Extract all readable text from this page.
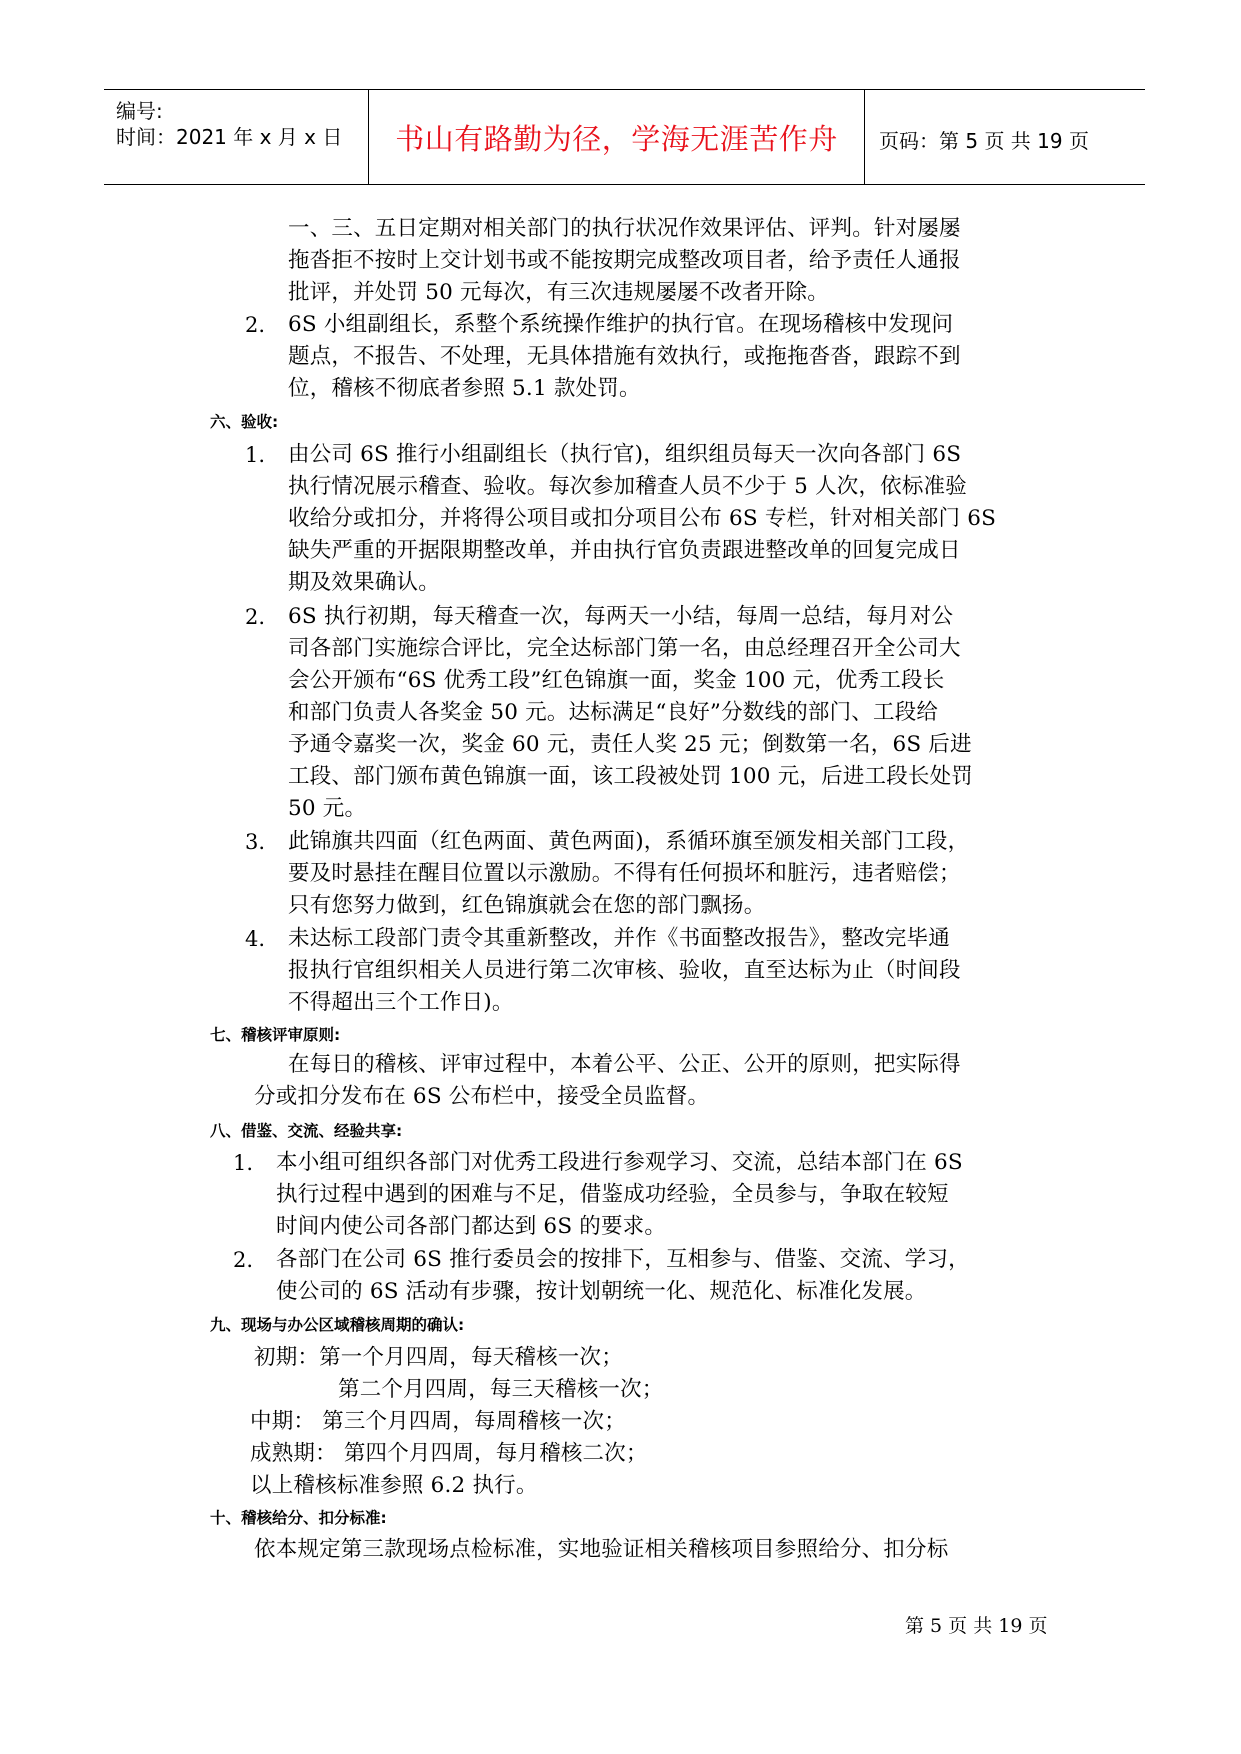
编号:
时间：2021 年 x 月 x 日	书山有路勤为径，学海无涯苦作舟	页码：第 5 页 共 19 页
一、三、五日定期对相关部门的执行状况作效果评估、评判。针对屡屡
拖沓拒不按时上交计划书或不能按期完成整改项目者，给予责任人通报
批评，并处罚 50 元每次，有三次违规屡屡不改者开除。
2. 6S 小组副组长，系整个系统操作维护的执行官。在现场稽核中发现问
题点，不报告、不处理，无具体措施有效执行，或拖拖沓沓，跟踪不到
位，稽核不彻底者参照 5.1 款处罚。
六、验收:
1. 由公司 6S 推行小组副组长（执行官)，组织组员每天一次向各部门 6S
执行情况展示稽查、验收。每次参加稽查人员不少于 5 人次，依标准验
收给分或扣分，并将得公项目或扣分项目公布 6S 专栏，针对相关部门 6S
缺失严重的开据限期整改单，并由执行官负责跟进整改单的回复完成日
期及效果确认。
2. 6S 执行初期，每天稽查一次，每两天一小结，每周一总结，每月对公
司各部门实施综合评比，完全达标部门第一名，由总经理召开全公司大
会公开颁布“6S 优秀工段”红色锦旗一面，奖金 100 元，优秀工段长
和部门负责人各奖金 50 元。达标满足“良好”分数线的部门、工段给
予通令嘉奖一次，奖金 60 元，责任人奖 25 元；倒数第一名，6S 后进
工段、部门颁布黄色锦旗一面，该工段被处罚 100 元，后进工段长处罚
50 元。
3. 此锦旗共四面（红色两面、黄色两面)，系循环旗至颁发相关部门工段，
要及时悬挂在醒目位置以示激励。不得有任何损坏和脏污，违者赔偿；
只有您努力做到，红色锦旗就会在您的部门飘扬。
4. 未达标工段部门责令其重新整改，并作《书面整改报告》，整改完毕通
报执行官组织相关人员进行第二次审核、验收，直至达标为止（时间段
不得超出三个工作日)。
七、稽核评审原则:
在每日的稽核、评审过程中，本着公平、公正、公开的原则，把实际得
分或扣分发布在 6S 公布栏中，接受全员监督。
八、借鉴、交流、经验共享:
1. 本小组可组织各部门对优秀工段进行参观学习、交流，总结本部门在 6S
执行过程中遇到的困难与不足，借鉴成功经验，全员参与，争取在较短
时间内使公司各部门都达到 6S 的要求。
2. 各部门在公司 6S 推行委员会的按排下，互相参与、借鉴、交流、学习，
使公司的 6S 活动有步骤，按计划朝统一化、规范化、标准化发展。
九、现场与办公区域稽核周期的确认:
初期：第一个月四周，每天稽核一次；
第二个月四周，每三天稽核一次；
中期： 第三个月四周，每周稽核一次；
成熟期： 第四个月四周，每月稽核二次；
以上稽核标准参照 6.2 执行。
十、稽核给分、扣分标准:
依本规定第三款现场点检标准，实地验证相关稽核项目参照给分、扣分标
第 5 页 共 19 页
